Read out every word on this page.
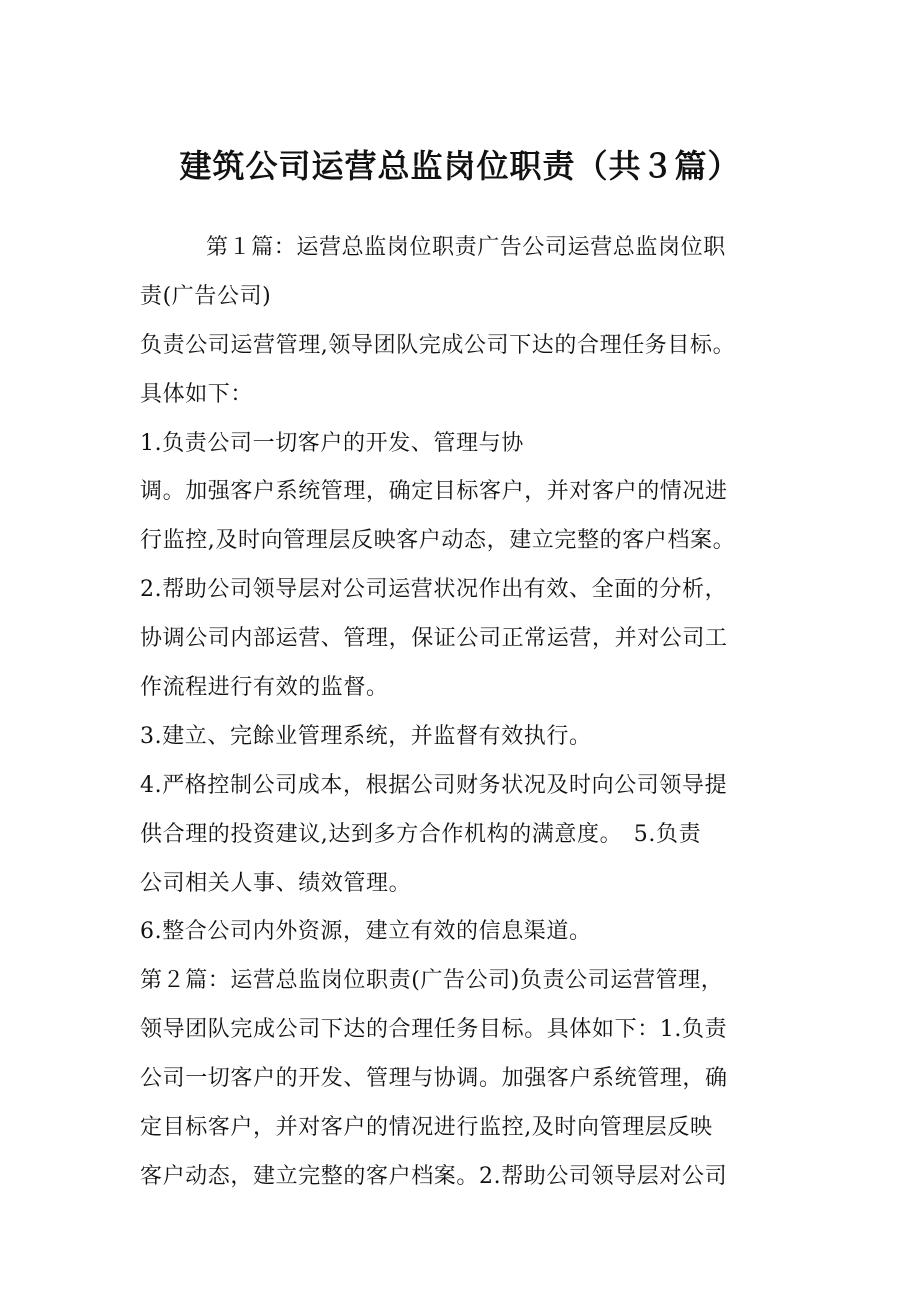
建筑公司运营总监岗位职责（共３篇）
第１篇：运营总监岗位职责广告公司运营总监岗位职
责(广告公司)
负责公司运营管理,领导团队完成公司下达的合理任务目标。
具体如下：
1.负责公司一切客户的开发、管理与协
调。加强客户系统管理，确定目标客户，并对客户的情况进
行监控,及时向管理层反映客户动态，建立完整的客户档案。
2.帮助公司领导层对公司运营状况作出有效、全面的分析，
协调公司内部运营、管理，保证公司正常运营，并对公司工
作流程进行有效的监督。
3.建立、完餘业管理系统，并监督有效执行。
4.严格控制公司成本，根据公司财务状况及时向公司领导提
供合理的投资建议,达到多方合作机构的满意度。　5.负责
公司相关人事、绩效管理。
6.整合公司内外资源，建立有效的信息渠道。
第２篇：运营总监岗位职责(广告公司)负责公司运营管理，
领导团队完成公司下达的合理任务目标。具体如下：1.负责
公司一切客户的开发、管理与协调。加强客户系统管理，确
定目标客户，并对客户的情况进行监控,及时向管理层反映
客户动态，建立完整的客户档案。2.帮助公司领导层对公司
